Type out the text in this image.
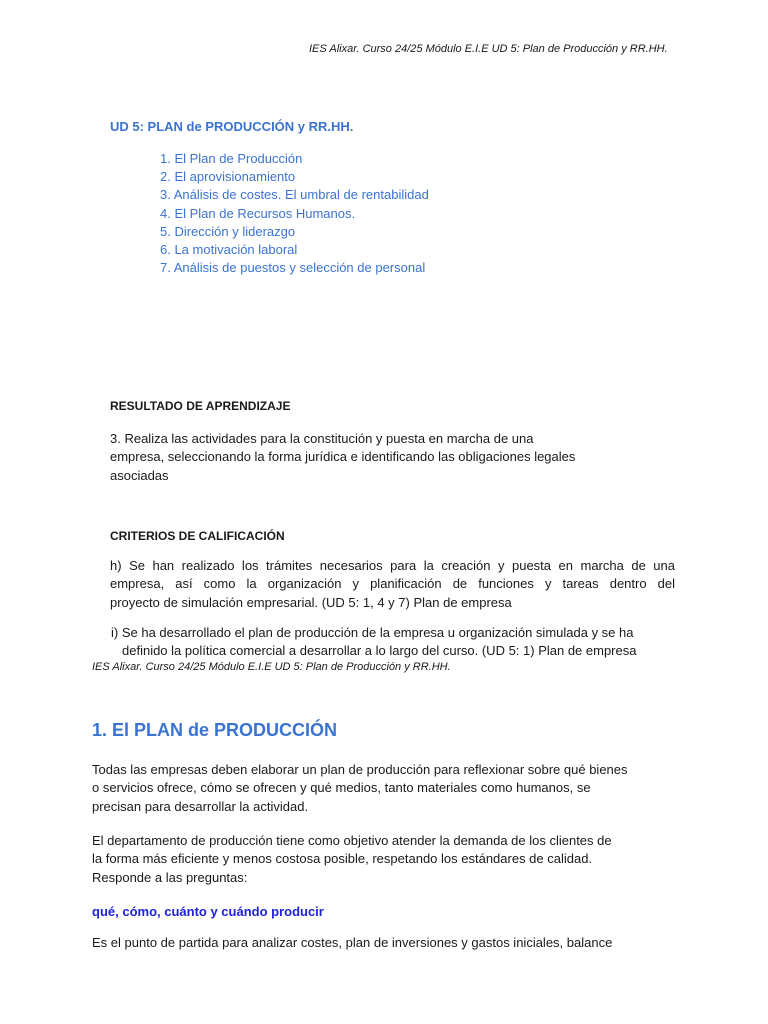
IES Alixar. Curso 24/25 Módulo E.I.E UD 5: Plan de Producción y RR.HH.
UD 5: PLAN de PRODUCCIÓN y RR.HH.
1. El Plan de Producción
2. El aprovisionamiento
3. Análisis de costes. El umbral de rentabilidad
4. El Plan de Recursos Humanos.
5. Dirección y liderazgo
6. La motivación laboral
7. Análisis de puestos y selección de personal
RESULTADO DE APRENDIZAJE
3. Realiza las actividades para la constitución y puesta en marcha de una
empresa, seleccionando la forma jurídica e identificando las obligaciones legales
asociadas
CRITERIOS DE CALIFICACIÓN
h) Se han realizado los trámites necesarios para la creación y puesta en marcha de una
empresa, así como la organización y planificación de funciones y tareas dentro del
proyecto de simulación empresarial. (UD 5: 1, 4 y 7) Plan de empresa
i) Se ha desarrollado el plan de producción de la empresa u organización simulada y se ha
definido la política comercial a desarrollar a lo largo del curso. (UD 5: 1) Plan de empresa
IES Alixar. Curso 24/25 Módulo E.I.E UD 5: Plan de Producción y RR.HH.
1. El PLAN de PRODUCCIÓN
Todas las empresas deben elaborar un plan de producción para reflexionar sobre qué bienes
o servicios ofrece, cómo se ofrecen y qué medios, tanto materiales como humanos, se
precisan para desarrollar la actividad.
El departamento de producción tiene como objetivo atender la demanda de los clientes de
la forma más eficiente y menos costosa posible, respetando los estándares de calidad.
Responde a las preguntas:
qué, cómo, cuánto y cuándo producir
Es el punto de partida para analizar costes, plan de inversiones y gastos iniciales, balance
